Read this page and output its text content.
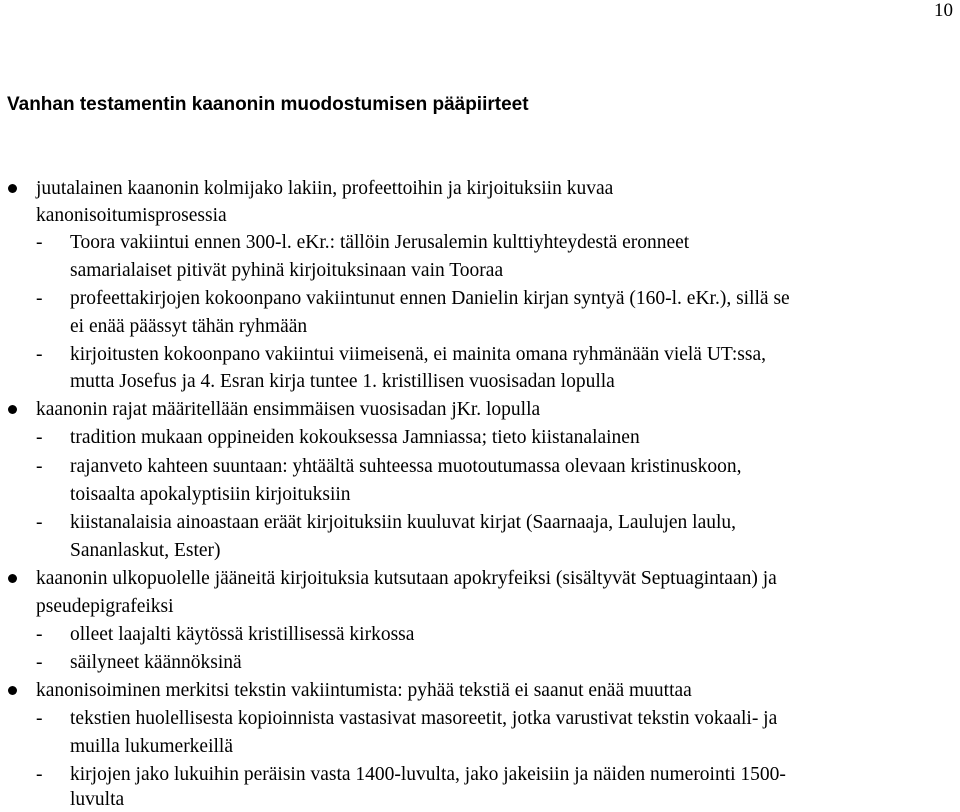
10
Vanhan testamentin kaanonin muodostumisen pääpiirteet
juutalainen kaanonin kolmijako lakiin, profeettoihin ja kirjoituksiin kuvaa
kanonisoitumisprosessia
- Toora vakiintui ennen 300-l. eKr.: tällöin Jerusalemin kulttiyhteydestä eronneet
samarialaiset pitivät pyhinä kirjoituksinaan vain Tooraa
- profeettakirjojen kokoonpano vakiintunut ennen Danielin kirjan syntyä (160-l. eKr.), sillä se
ei enää päässyt tähän ryhmään
- kirjoitusten kokoonpano vakiintui viimeisenä, ei mainita omana ryhmänään vielä UT:ssa,
mutta Josefus ja 4. Esran kirja tuntee 1. kristillisen vuosisadan lopulla
kaanonin rajat määritellään ensimmäisen vuosisadan jKr. lopulla
- tradition mukaan oppineiden kokouksessa Jamniassa; tieto kiistanalainen
- rajanveto kahteen suuntaan: yhtäältä suhteessa muotoutumassa olevaan kristinuskoon,
toisaalta apokalyptisiin kirjoituksiin
- kiistanalaisia ainoastaan eräät kirjoituksiin kuuluvat kirjat (Saarnaaja, Laulujen laulu,
Sananlaskut, Ester)
kaanonin ulkopuolelle jääneitä kirjoituksia kutsutaan apokryfeiksi (sisältyvät Septuagintaan) ja
pseudepigrafeiksi
- olleet laajalti käytössä kristillisessä kirkossa
- säilyneet käännöksinä
kanonisoiminen merkitsi tekstin vakiintumista: pyhää tekstiä ei saanut enää muuttaa
- tekstien huolellisesta kopioinnista vastasivat masoreetit, jotka varustivat tekstin vokaali- ja
muilla lukumerkeillä
- kirjojen jako lukuihin peräisin vasta 1400-luvulta, jako jakeisiin ja näiden numerointi 1500-
luvulta
